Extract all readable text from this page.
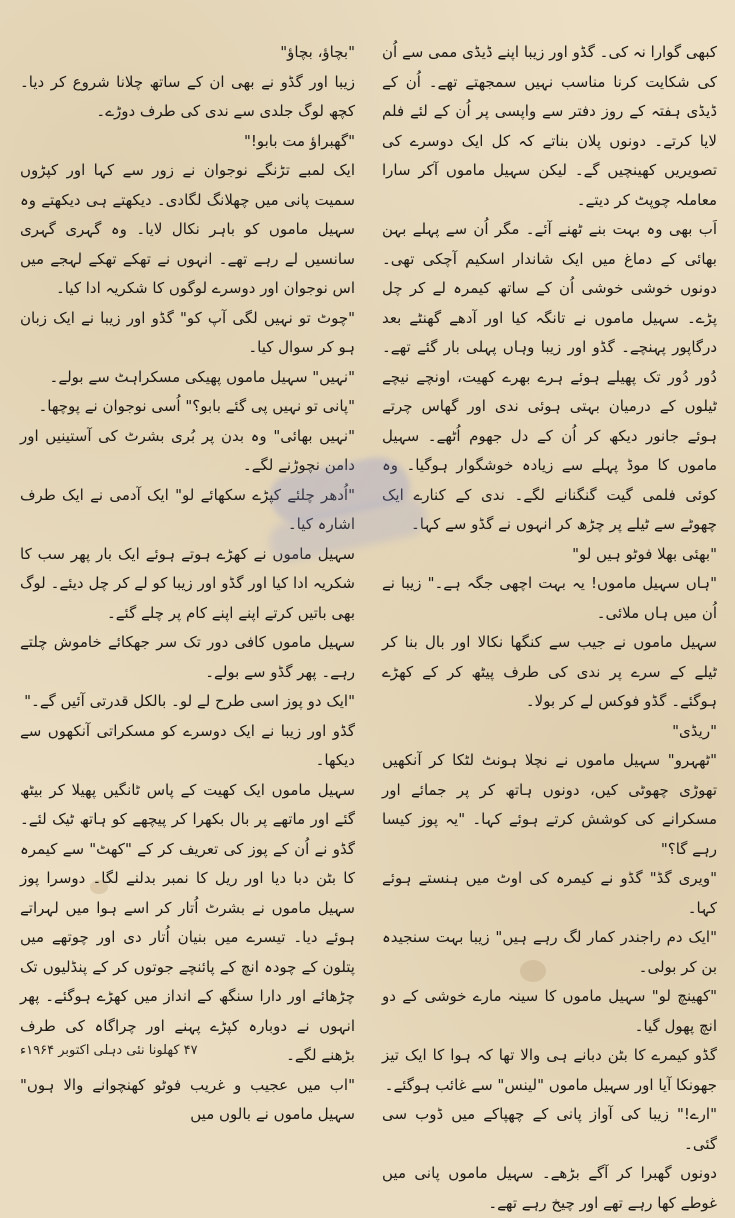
کبھی گوارا نہ کی۔ گڈو اور زیبا اپنے ڈیڈی ممی سے اُن کی شکایت کرنا مناسب نہیں سمجھتے تھے۔ اُن کے ڈیڈی ہفتہ کے روز دفتر سے واپسی پر اُن کے لئے فلم لایا کرتے۔ دونوں پلان بناتے کہ کل ایک دوسرے کی تصویریں کھینچیں گے۔ لیکن سہیل ماموں آکر سارا معاملہ چوپٹ کر دیتے۔

اَب بھی وہ بہت بنے ٹھنے آئے۔ مگر اُن سے پہلے بہن بھائی کے دماغ میں ایک شاندار اسکیم آچکی تھی۔ دونوں خوشی خوشی اُن کے ساتھ کیمرہ لے کر چل پڑے۔ سہیل ماموں نے تانگہ کیا اور آدھے گھنٹے بعد درگاپور پہنچے۔ گڈو اور زیبا وہاں پہلی بار گئے تھے۔ دُور دُور تک پھیلے ہوئے ہرے بھرے کھیت، اونچے نیچے ٹیلوں کے درمیان بہتی ہوئی ندی اور گھاس چرتے ہوئے جانور دیکھ کر اُن کے دل جھوم اُٹھے۔ سہیل ماموں کا موڈ پہلے سے زیادہ خوشگوار ہوگیا۔ وہ کوئی فلمی گیت گنگنانے لگے۔ ندی کے کنارے ایک چھوٹے سے ٹیلے پر چڑھ کر انہوں نے گڈو سے کہا۔

"بھئی بھلا فوٹو ہیں لو"

"ہاں سہیل ماموں! یہ بہت اچھی جگہ ہے۔" زیبا نے اُن میں ہاں ملائی۔

سہیل ماموں نے جیب سے کنگھا نکالا اور بال بنا کر ٹیلے کے سرے پر ندی کی طرف پیٹھ کر کے کھڑے ہوگئے۔ گڈو فوکس لے کر بولا۔

"ریڈی"

"ٹھہرو" سہیل ماموں نے نچلا ہونٹ لٹکا کر آنکھیں تھوڑی چھوٹی کیں، دونوں ہاتھ کر پر جمائے اور مسکرانے کی کوشش کرتے ہوئے کہا۔ "یہ پوز کیسا رہے گا؟"

"ویری گڈ" گڈو نے کیمرہ کی اوٹ میں ہنستے ہوئے کہا۔

"ایک دم راجندر کمار لگ رہے ہیں" زیبا بہت سنجیدہ بن کر بولی۔

"کھینچ لو" سہیل ماموں کا سینہ مارے خوشی کے دو انچ پھول گیا۔

گڈو کیمرے کا بٹن دبانے ہی والا تھا کہ ہوا کا ایک تیز جھونکا آیا اور سہیل ماموں "لینس" سے غائب ہوگئے۔

"ارے!" زیبا کی آواز پانی کے چھپاکے میں ڈوب سی گئی۔

دونوں گھبرا کر آگے بڑھے۔ سہیل ماموں پانی میں غوطے کھا رہے تھے اور چیخ رہے تھے۔

"بچاؤ، بچاؤ"

زیبا اور گڈو نے بھی ان کے ساتھ چلانا شروع کر دیا۔ کچھ لوگ جلدی سے ندی کی طرف دوڑے۔

"گھبراؤ مت بابو!"

ایک لمبے تڑنگے نوجوان نے زور سے کہا اور کپڑوں سمیت پانی میں چھلانگ لگادی۔ دیکھتے ہی دیکھتے وہ سہیل ماموں کو باہر نکال لایا۔ وہ گہری گہری سانسیں لے رہے تھے۔ انہوں نے تھکے تھکے لہجے میں اس نوجوان اور دوسرے لوگوں کا شکریہ ادا کیا۔

"چوٹ تو نہیں لگی آپ کو" گڈو اور زیبا نے ایک زبان ہو کر سوال کیا۔

"نہیں" سہیل ماموں پھیکی مسکراہٹ سے بولے۔

"پانی تو نہیں پی گئے بابو؟" اُسی نوجوان نے پوچھا۔

"نہیں بھائی" وہ بدن پر بُری بشرٹ کی آستینیں اور دامن نچوڑنے لگے۔

"اُدھر چلئے کپڑے سکھائے لو" ایک آدمی نے ایک طرف اشارہ کیا۔

سہیل ماموں نے کھڑے ہوتے ہوئے ایک بار پھر سب کا شکریہ ادا کیا اور گڈو اور زیبا کو لے کر چل دیئے۔ لوگ بھی باتیں کرتے اپنے اپنے کام پر چلے گئے۔

سہیل ماموں کافی دور تک سر جھکائے خاموش چلتے رہے۔ پھر گڈو سے بولے۔

"ایک دو پوز اسی طرح لے لو۔ بالکل قدرتی آئیں گے۔"

گڈو اور زیبا نے ایک دوسرے کو مسکراتی آنکھوں سے دیکھا۔

سہیل ماموں ایک کھیت کے پاس ٹانگیں پھیلا کر بیٹھ گئے اور ماتھے پر بال بکھرا کر پیچھے کو ہاتھ ٹیک لئے۔ گڈو نے اُن کے پوز کی تعریف کر کے "کھٹ" سے کیمرہ کا بٹن دبا دیا اور ریل کا نمبر بدلنے لگا۔ دوسرا پوز سہیل ماموں نے بشرٹ اُتار کر اسے ہوا میں لہراتے ہوئے دیا۔ تیسرے میں بنیان اُتار دی اور چوتھے میں پتلون کے چودہ انچ کے پائنچے جوتوں کر کے پنڈلیوں تک چڑھائے اور دارا سنگھ کے انداز میں کھڑے ہوگئے۔ پھر انہوں نے دوبارہ کپڑے پہنے اور چراگاہ کی طرف بڑھنے لگے۔

"اب میں عجیب و غریب فوٹو کھنچوانے والا ہوں" سہیل ماموں نے بالوں میں

۴۷ کھلونا نئی دہلی اکتوبر ۱۹۶۴ء
